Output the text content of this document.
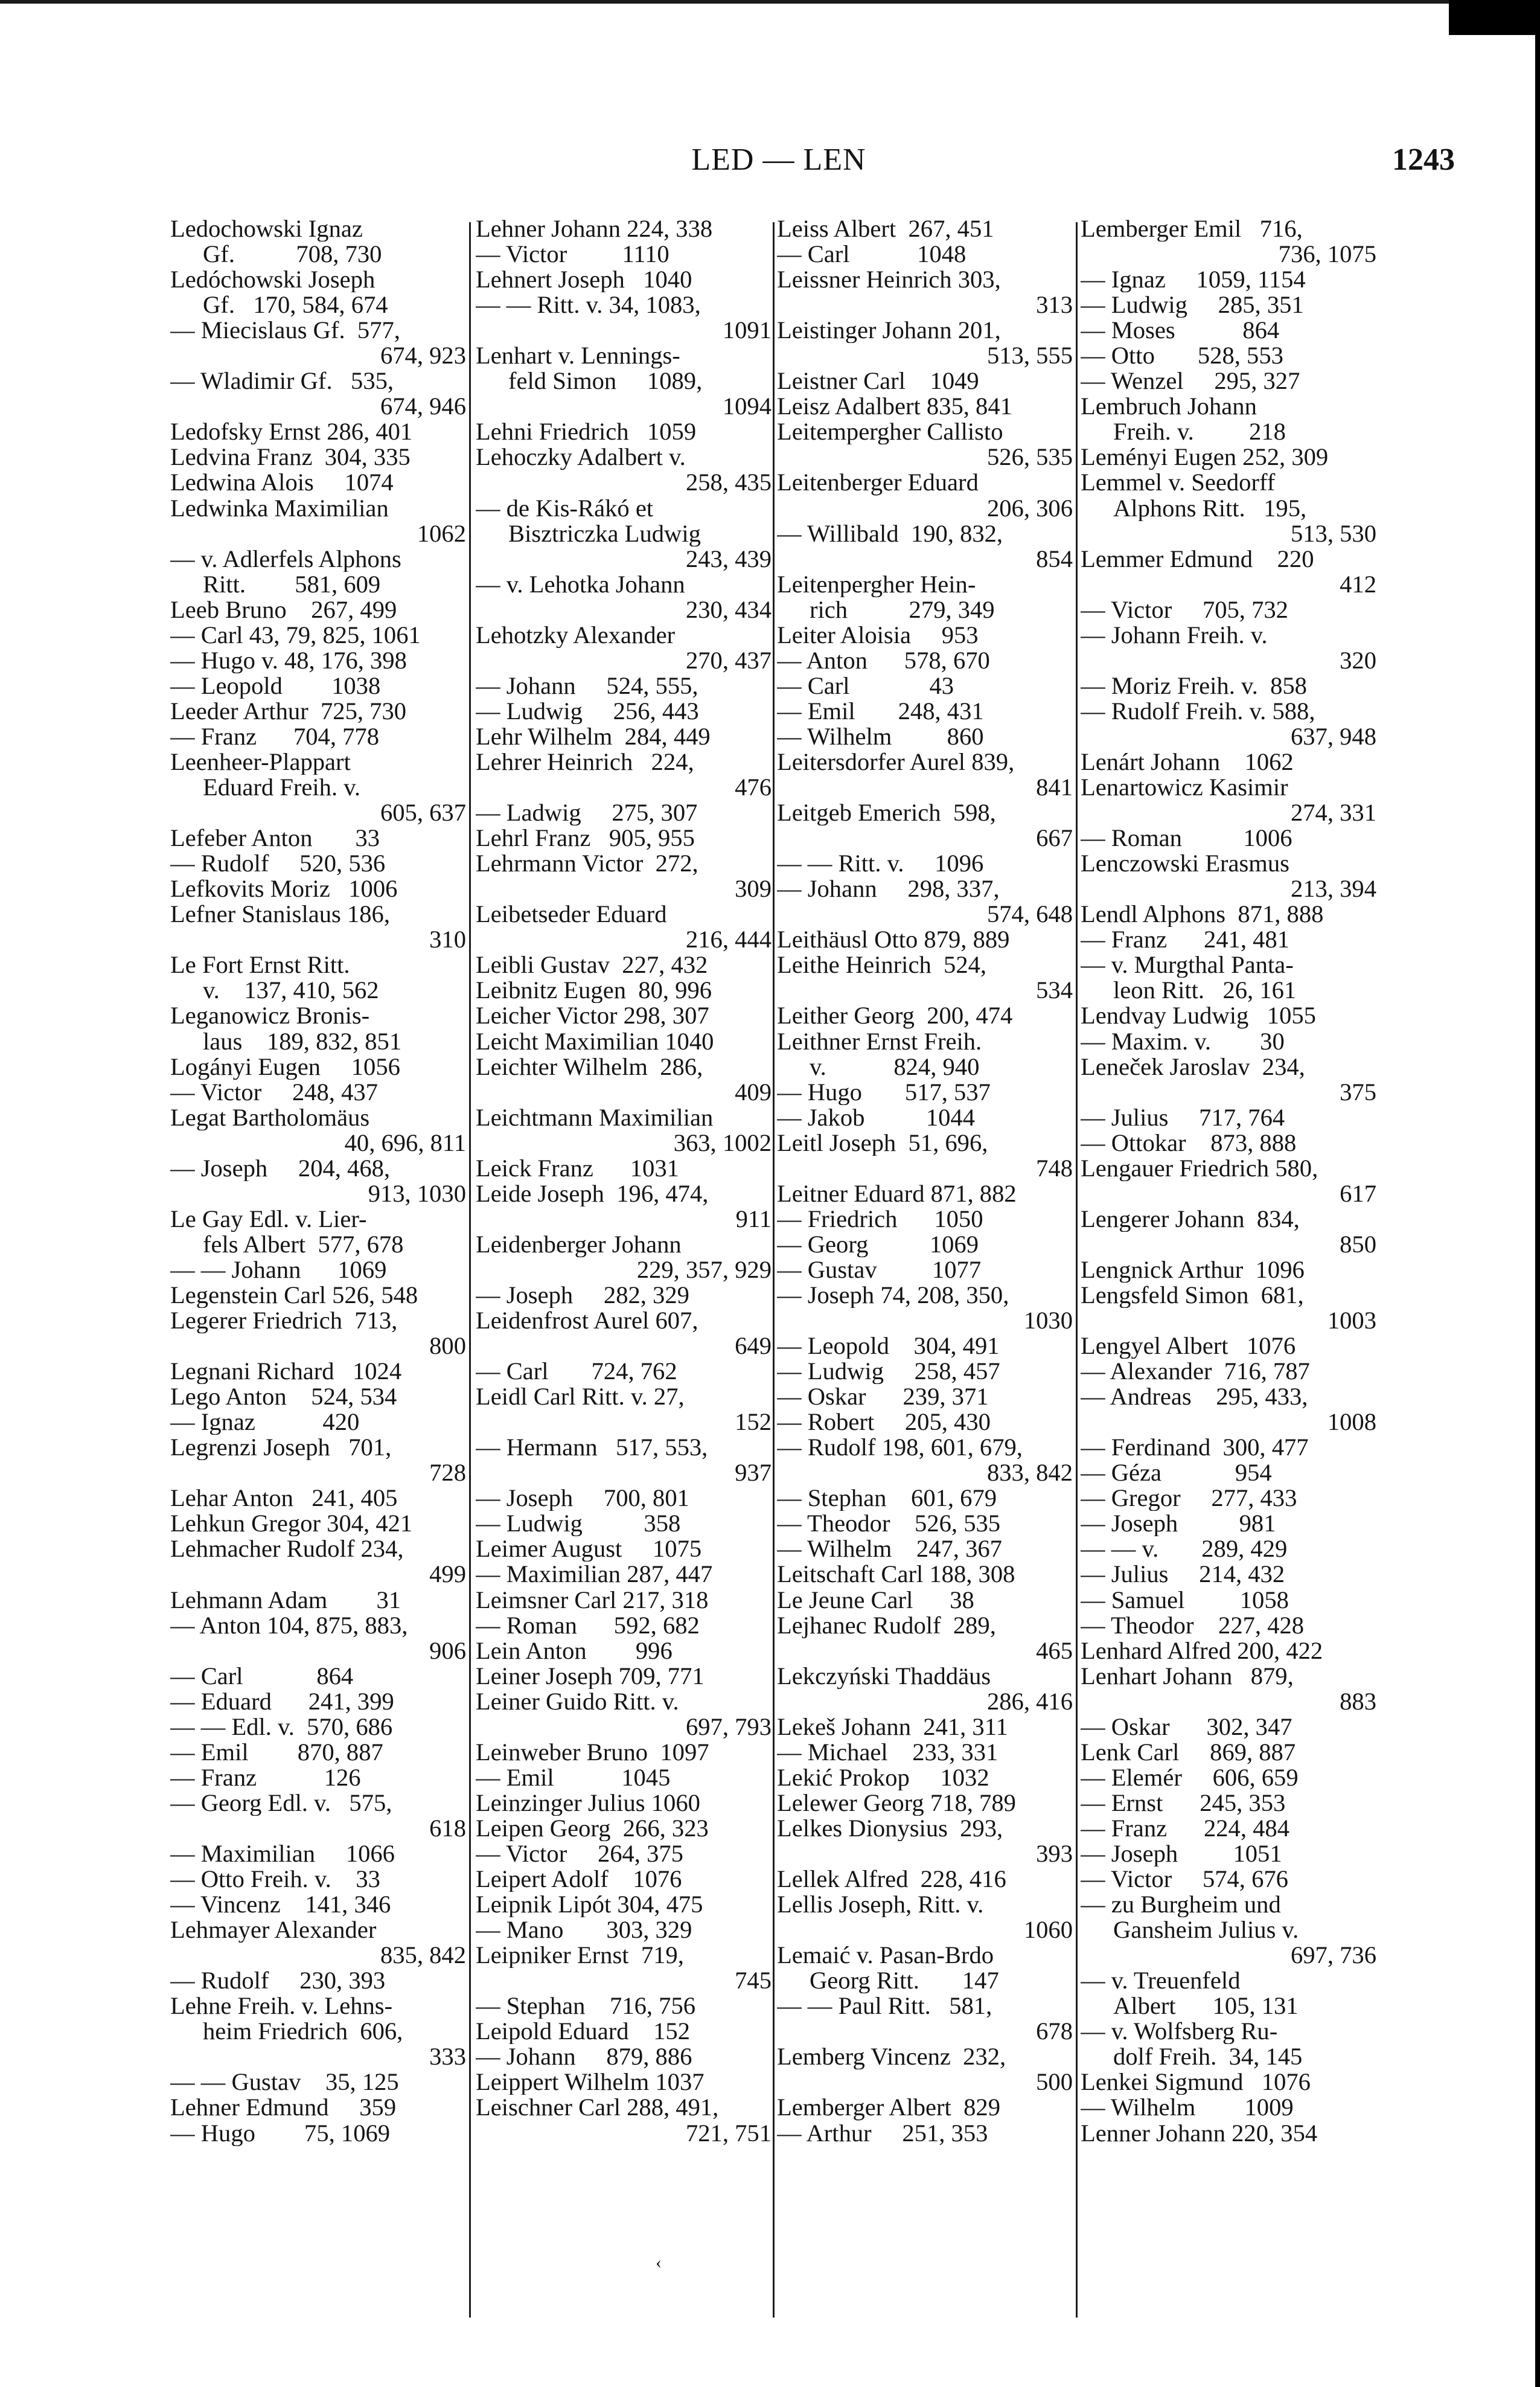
LED — LEN	1243
Ledochowski Ignaz
Gf.          708, 730
Ledóchowski Joseph
Gf.   170, 584, 674
— Miecislaus Gf.  577,
674, 923
— Wladimir Gf.   535,
674, 946
Ledofsky Ernst 286, 401
Ledvina Franz  304, 335
Ledwina Alois     1074
Ledwinka Maximilian
1062
— v. Adlerfels Alphons
Ritt.        581, 609
Leeb Bruno    267, 499
— Carl 43, 79, 825, 1061
— Hugo v. 48, 176, 398
— Leopold        1038
Leeder Arthur  725, 730
— Franz      704, 778
Leenheer-Plappart
Eduard Freih. v.
605, 637
Lefeber Anton       33
— Rudolf     520, 536
Lefkovits Moriz   1006
Lefner Stanislaus 186,
310
Le Fort Ernst Ritt.
v.    137, 410, 562
Leganowicz Bronis-
laus    189, 832, 851
Logányi Eugen     1056
— Victor     248, 437
Legat Bartholomäus
40, 696, 811
— Joseph     204, 468,
913, 1030
Le Gay Edl. v. Lier-
fels Albert  577, 678
— — Johann      1069
Legenstein Carl 526, 548
Legerer Friedrich  713,
800
Legnani Richard   1024
Lego Anton    524, 534
— Ignaz           420
Legrenzi Joseph   701,
728
Lehar Anton   241, 405
Lehkun Gregor 304, 421
Lehmacher Rudolf 234,
499
Lehmann Adam        31
— Anton 104, 875, 883,
906
— Carl            864
— Eduard      241, 399
— — Edl. v.  570, 686
— Emil        870, 887
— Franz           126
— Georg Edl. v.   575,
618
— Maximilian     1066
— Otto Freih. v.    33
— Vincenz    141, 346
Lehmayer Alexander
835, 842
— Rudolf     230, 393
Lehne Freih. v. Lehns-
heim Friedrich  606,
333
— — Gustav    35, 125
Lehner Edmund     359
— Hugo        75, 1069
Lehner Johann 224, 338
— Victor         1110
Lehnert Joseph   1040
— — Ritt. v. 34, 1083,
1091
Lenhart v. Lennings-
feld Simon     1089,
1094
Lehni Friedrich   1059
Lehoczky Adalbert v.
258, 435
— de Kis-Rákó et
Bisztriczka Ludwig
243, 439
— v. Lehotka Johann
230, 434
Lehotzky Alexander
270, 437
— Johann     524, 555,
— Ludwig     256, 443
Lehr Wilhelm  284, 449
Lehrer Heinrich   224,
476
— Ladwig     275, 307
Lehrl Franz   905, 955
Lehrmann Victor  272,
309
Leibetseder Eduard
216, 444
Leibli Gustav  227, 432
Leibnitz Eugen  80, 996
Leicher Victor 298, 307
Leicht Maximilian 1040
Leichter Wilhelm  286,
409
Leichtmann Maximilian
363, 1002
Leick Franz      1031
Leide Joseph  196, 474,
911
Leidenberger Johann
229, 357, 929
— Joseph     282, 329
Leidenfrost Aurel 607,
649
— Carl       724, 762
Leidl Carl Ritt. v. 27,
152
— Hermann   517, 553,
937
— Joseph     700, 801
— Ludwig          358
Leimer August     1075
— Maximilian 287, 447
Leimsner Carl 217, 318
— Roman      592, 682
Lein Anton        996
Leiner Joseph 709, 771
Leiner Guido Ritt. v.
697, 793
Leinweber Bruno  1097
— Emil           1045
Leinzinger Julius 1060
Leipen Georg  266, 323
— Victor     264, 375
Leipert Adolf    1076
Leipnik Lipót 304, 475
— Mano       303, 329
Leipniker Ernst  719,
745
— Stephan    716, 756
Leipold Eduard    152
— Johann     879, 886
Leippert Wilhelm 1037
Leischner Carl 288, 491,
721, 751
Leiss Albert  267, 451
— Carl           1048
Leissner Heinrich 303,
313
Leistinger Johann 201,
513, 555
Leistner Carl    1049
Leisz Adalbert 835, 841
Leitempergher Callisto
526, 535
Leitenberger Eduard
206, 306
— Willibald  190, 832,
854
Leitenpergher Hein-
rich          279, 349
Leiter Aloisia     953
— Anton      578, 670
— Carl             43
— Emil       248, 431
— Wilhelm         860
Leitersdorfer Aurel 839,
841
Leitgeb Emerich  598,
667
— — Ritt. v.     1096
— Johann     298, 337,
574, 648
Leithäusl Otto 879, 889
Leithe Heinrich  524,
534
Leither Georg  200, 474
Leithner Ernst Freih.
v.           824, 940
— Hugo       517, 537
— Jakob          1044
Leitl Joseph  51, 696,
748
Leitner Eduard 871, 882
— Friedrich      1050
— Georg          1069
— Gustav         1077
— Joseph 74, 208, 350,
1030
— Leopold    304, 491
— Ludwig     258, 457
— Oskar      239, 371
— Robert     205, 430
— Rudolf 198, 601, 679,
833, 842
— Stephan    601, 679
— Theodor    526, 535
— Wilhelm    247, 367
Leitschaft Carl 188, 308
Le Jeune Carl      38
Lejhanec Rudolf  289,
465
Lekczyński Thaddäus
286, 416
Lekeš Johann  241, 311
— Michael    233, 331
Lekić Prokop     1032
Lelewer Georg 718, 789
Lelkes Dionysius  293,
393
Lellek Alfred  228, 416
Lellis Joseph, Ritt. v.
1060
Lemaić v. Pasan-Brdo
Georg Ritt.       147
— — Paul Ritt.   581,
678
Lemberg Vincenz  232,
500
Lemberger Albert  829
— Arthur     251, 353
Lemberger Emil   716,
736, 1075
— Ignaz     1059, 1154
— Ludwig     285, 351
— Moses           864
— Otto       528, 553
— Wenzel     295, 327
Lembruch Johann
Freih. v.         218
Leményi Eugen 252, 309
Lemmel v. Seedorff
Alphons Ritt.   195,
513, 530
Lemmer Edmund    220
412
— Victor     705, 732
— Johann Freih. v.
320
— Moriz Freih. v.  858
— Rudolf Freih. v. 588,
637, 948
Lenárt Johann    1062
Lenartowicz Kasimir
274, 331
— Roman          1006
Lenczowski Erasmus
213, 394
Lendl Alphons  871, 888
— Franz      241, 481
— v. Murgthal Panta-
leon Ritt.   26, 161
Lendvay Ludwig   1055
— Maxim. v.        30
Leneček Jaroslav  234,
375
— Julius     717, 764
— Ottokar    873, 888
Lengauer Friedrich 580,
617
Lengerer Johann  834,
850
Lengnick Arthur  1096
Lengsfeld Simon  681,
1003
Lengyel Albert   1076
— Alexander  716, 787
— Andreas    295, 433,
1008
— Ferdinand  300, 477
— Géza            954
— Gregor     277, 433
— Joseph          981
— — v.       289, 429
— Julius     214, 432
— Samuel         1058
— Theodor    227, 428
Lenhard Alfred 200, 422
Lenhart Johann   879,
883
— Oskar      302, 347
Lenk Carl     869, 887
— Elemér     606, 659
— Ernst      245, 353
— Franz      224, 484
— Joseph         1051
— Victor     574, 676
— zu Burgheim und
Gansheim Julius v.
697, 736
— v. Treuenfeld
Albert      105, 131
— v. Wolfsberg Ru-
dolf Freih.  34, 145
Lenkei Sigmund   1076
— Wilhelm        1009
Lenner Johann 220, 354
‹
